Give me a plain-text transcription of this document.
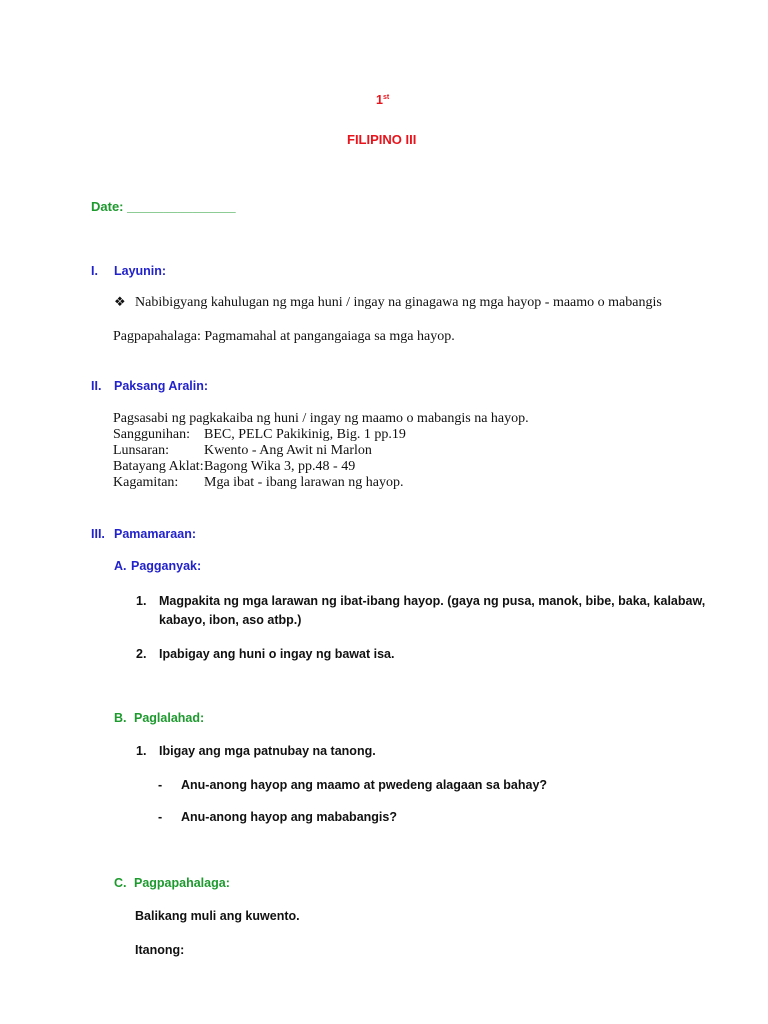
1st
FILIPINO III
Date: _______________
I. Layunin:
❖ Nabibigyang kahulugan ng mga huni / ingay na ginagawa ng mga hayop - maamo o mabangis
Pagpapahalaga: Pagmamahal at pangangaiaga sa mga hayop.
II. Paksang Aralin:
Pagsasabi ng pagkakaiba ng huni / ingay ng maamo o mabangis na hayop.
Sanggunihan: BEC, PELC Pakikinig, Big. 1 pp.19
Lunsaran:	Kwento - Ang Awit ni Marlon
Batayang Aklat: Bagong Wika 3, pp.48 - 49
Kagamitan: Mga ibat - ibang larawan ng hayop.
III. Pamamaraan:
A. Pagganyak:
1. Magpakita ng mga larawan ng ibat-ibang hayop. (gaya ng pusa, manok, bibe, baka, kalabaw,
kabayo, ibon, aso atbp.)
2. Ipabigay ang huni o ingay ng bawat isa.
B. Paglalahad:
1. Ibigay ang mga patnubay na tanong.
- Anu-anong hayop ang maamo at pwedeng alagaan sa bahay?
- Anu-anong hayop ang mababangis?
C. Pagpapahalaga:
Balikang muli ang kuwento.
Itanong:
